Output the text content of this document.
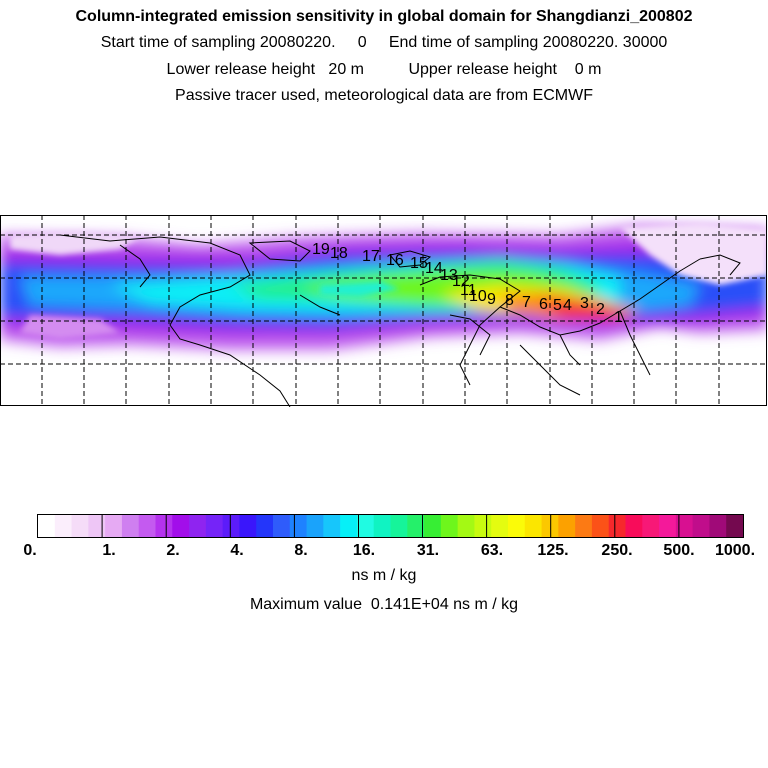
Column-integrated emission sensitivity in global domain for Shangdianzi_200802
Start time of sampling 20080220.     0     End time of sampling 20080220. 30000
Lower release height   20 m          Upper release height    0 m
Passive tracer used, meteorological data are from ECMWF
1
2
3
4
5
6
7
8
9
10
11
12
13
14
15
16
17
18
19
0.	1.	2.	4.	8.	16.	31.	63. 125. 250. 500. 1000.
ns m / kg
Maximum value  0.141E+04 ns m / kg
